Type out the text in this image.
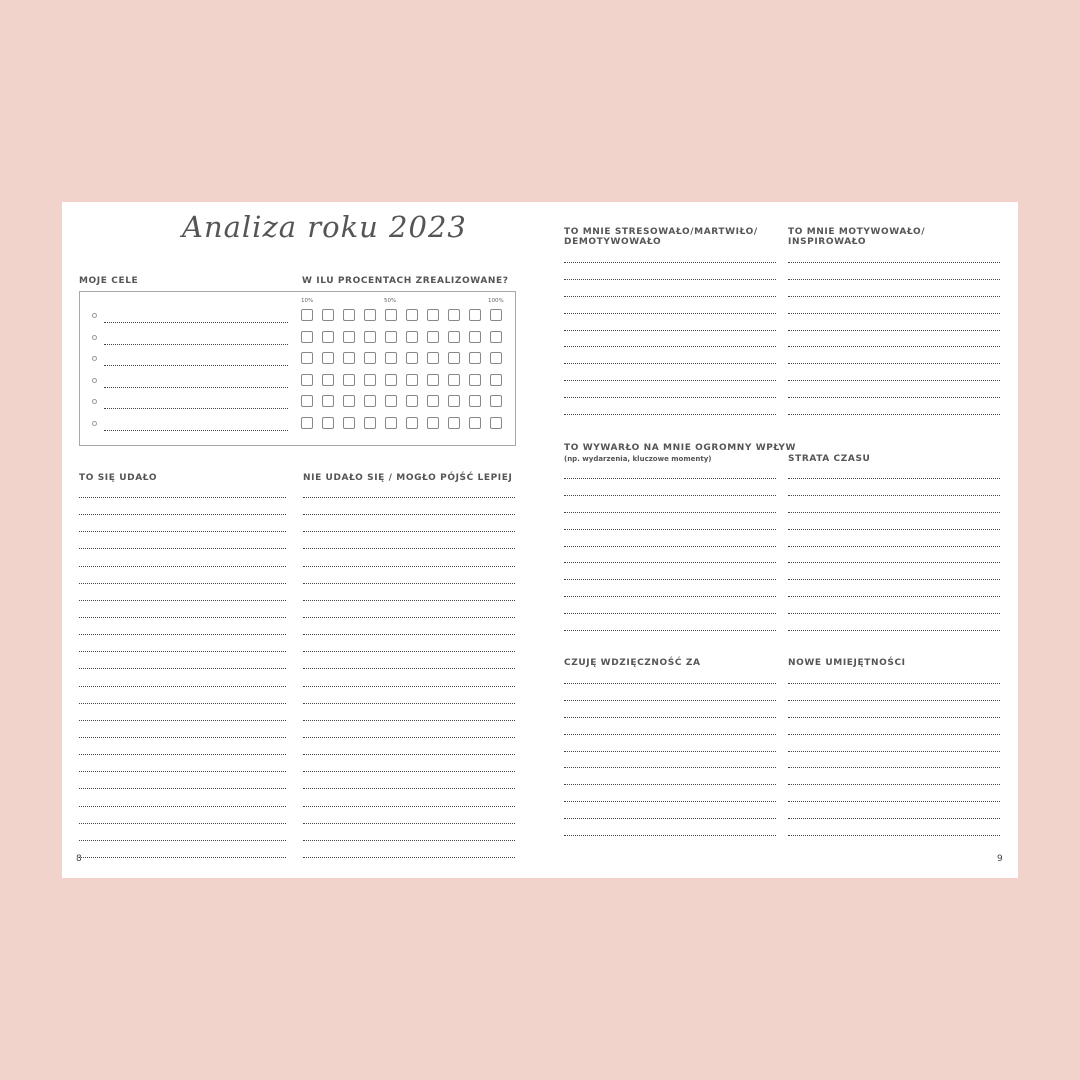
Analiza roku 2023
MOJE CELE	W ILU PROCENTACH ZREALIZOWANE?
10%	50%	100%
TO SIĘ UDAŁO	NIE UDAŁO SIĘ / MOGŁO PÓJŚĆ LEPIEJ
8
TO MNIE STRESOWAŁO/MARTWIŁO/
DEMOTYWOWAŁO
TO MNIE MOTYWOWAŁO/
INSPIROWAŁO
TO WYWARŁO NA MNIE OGROMNY WPŁYW
(np. wydarzenia, kluczowe momenty)	STRATA CZASU
CZUJĘ WDZIĘCZNOŚĆ ZA	NOWE UMIEJĘTNOŚCI
9
